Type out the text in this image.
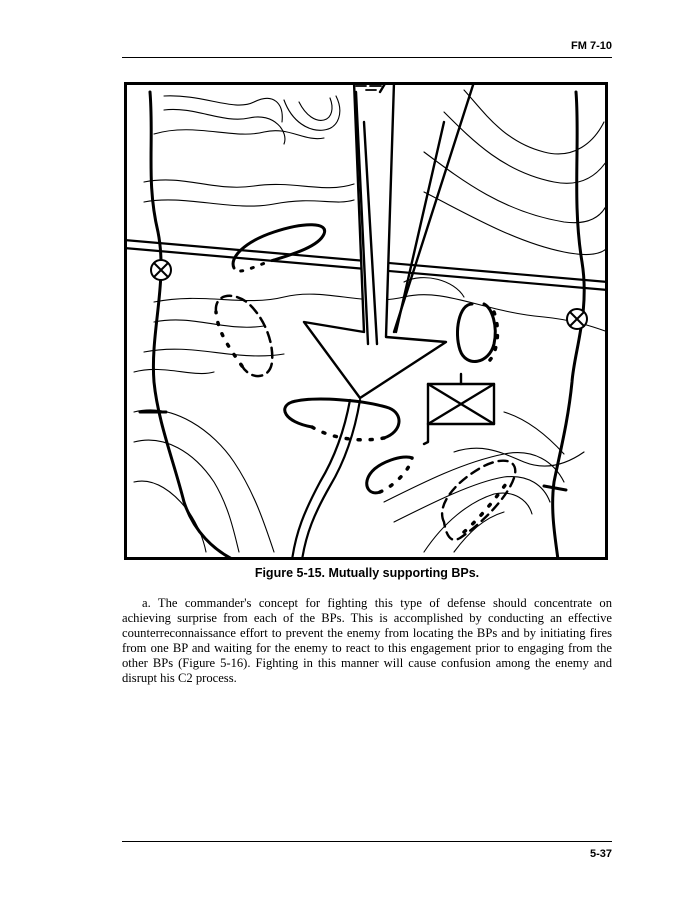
FM 7-10
Figure 5-15. Mutually supporting BPs.

a. The commander's concept for fighting this type of defense should concentrate on achieving surprise from each of the BPs. This is accomplished by conducting an effective counterreconnaissance effort to prevent the enemy from locating the BPs and by initiating fires from one BP and waiting for the enemy to react to this engagement prior to engaging from the other BPs (Figure 5-16). Fighting in this manner will cause confusion among the enemy and disrupt his C2 process.

5-37
